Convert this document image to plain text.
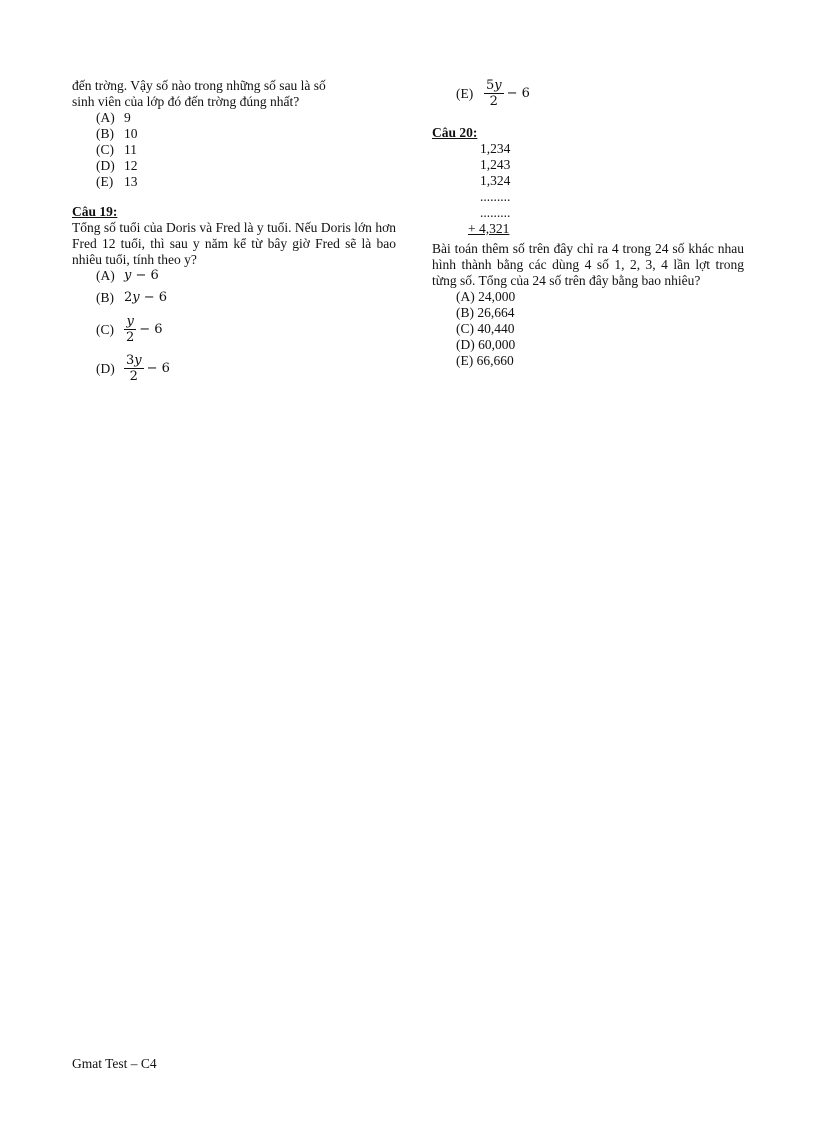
đến trờng. Vậy số nào trong những số sau là số
sinh viên của lớp đó đến trờng đúng nhất?
(A) 9
(B) 10
(C) 11
(D) 12
(E) 13
Câu 19:
Tổng số tuổi của Doris và Fred là y tuổi. Nếu Doris lớn hơn Fred 12 tuổi, thì sau y năm kể từ bây giờ Fred sẽ là bao nhiêu tuổi, tính theo y?
(A) y − 6
(B) 2y − 6
$(C) \frac{y}{2} - 6$
$(D) \frac{3y}{2} - 6$
$(E) \frac{5y}{2} - 6$
Câu 20:
1,234
1,243
1,324
.........
.........
+ 4,321
Bài toán thêm số trên đây chỉ ra 4 trong 24 số khác nhau hình thành bằng các dùng 4 số 1, 2, 3, 4 lần lợt trong từng số. Tổng của 24 số trên đây bằng bao nhiêu?
(A)
24,000
(B)
26,664
(C)
40,440
(D)
60,000
(E)
66,660
Gmat Test – C4
